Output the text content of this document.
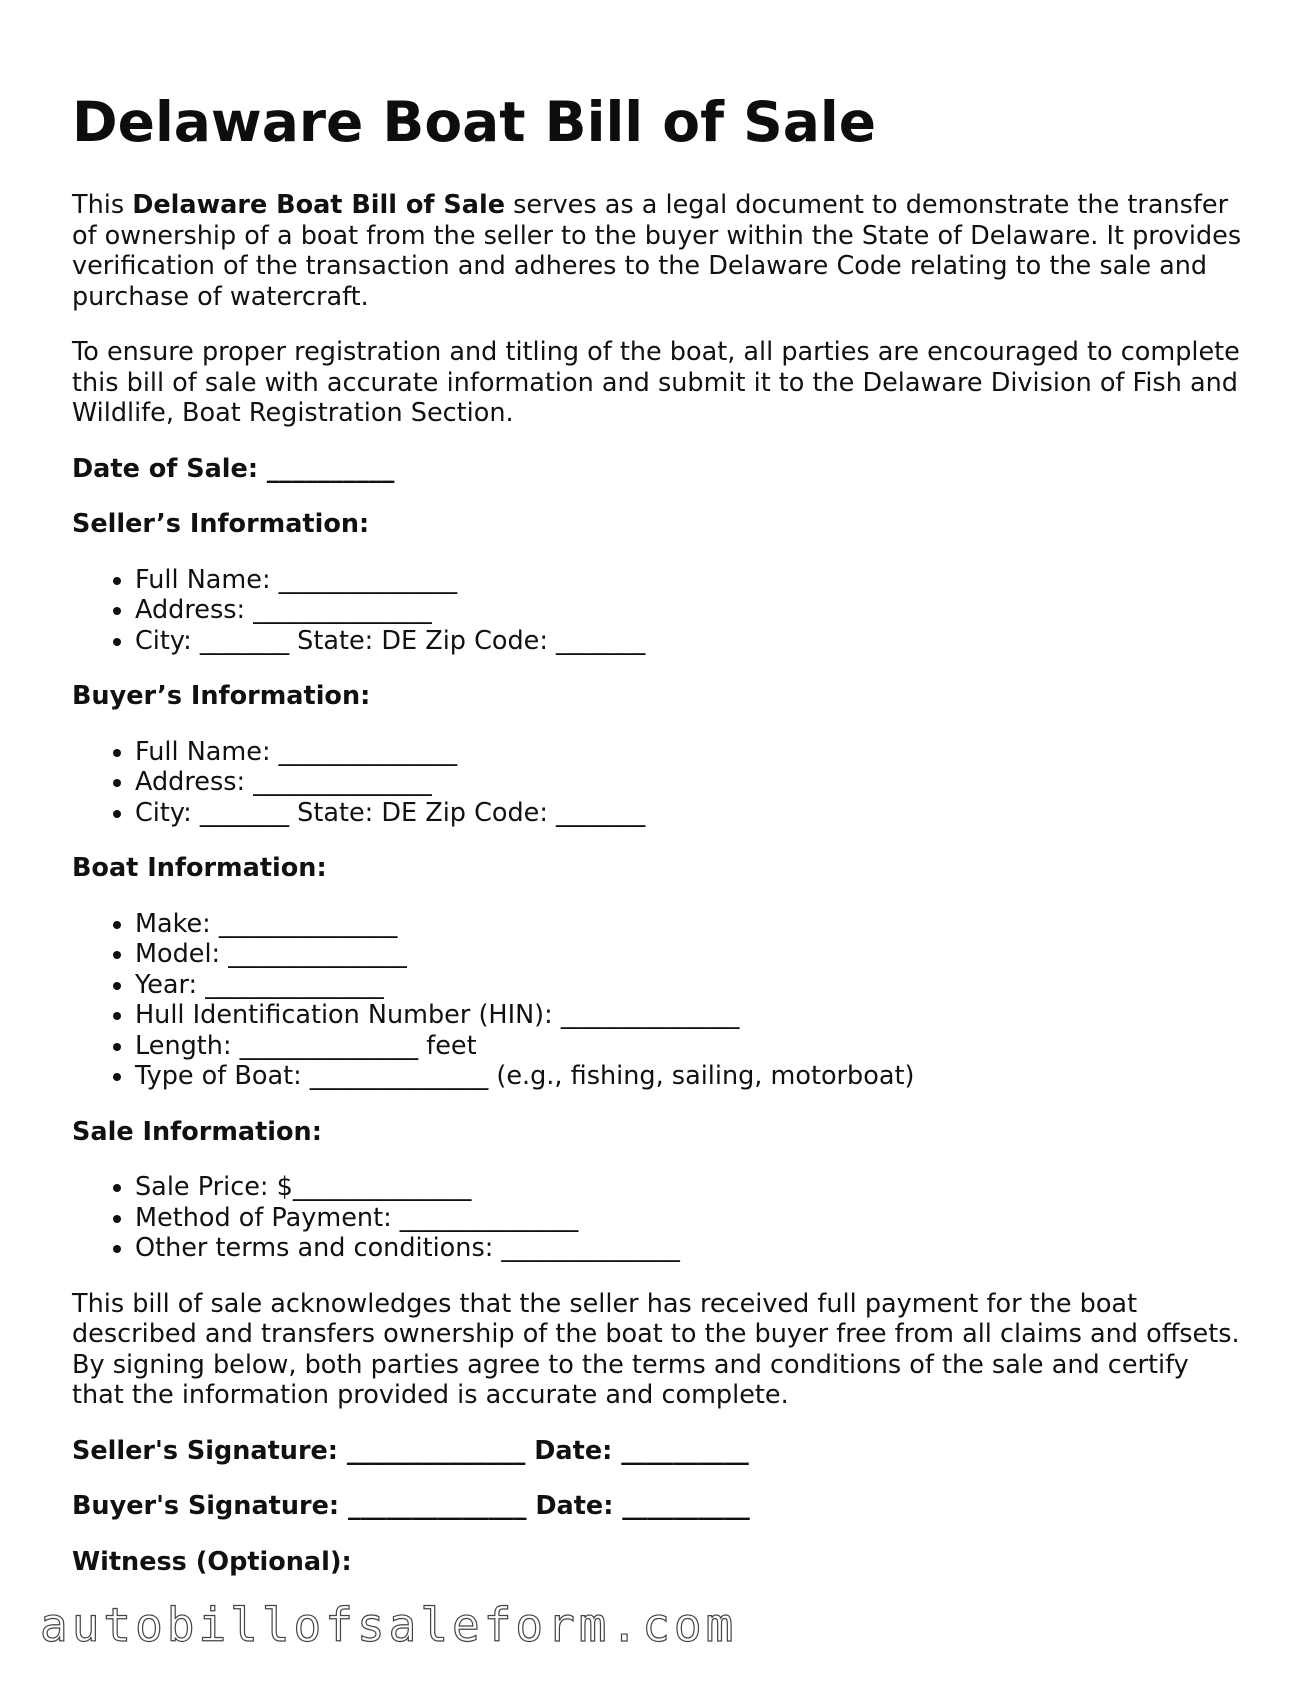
Delaware Boat Bill of Sale

This Delaware Boat Bill of Sale serves as a legal document to demonstrate the transfer of ownership of a boat from the seller to the buyer within the State of Delaware. It provides verification of the transaction and adheres to the Delaware Code relating to the sale and purchase of watercraft.

To ensure proper registration and titling of the boat, all parties are encouraged to complete this bill of sale with accurate information and submit it to the Delaware Division of Fish and Wildlife, Boat Registration Section.

Date of Sale: __________

Seller’s Information:

• Full Name: ______________
• Address: ______________
• City: _______ State: DE Zip Code: _______

Buyer’s Information:

• Full Name: ______________
• Address: ______________
• City: _______ State: DE Zip Code: _______

Boat Information:

• Make: ______________
• Model: ______________
• Year: ______________
• Hull Identification Number (HIN): ______________
• Length: ______________ feet
• Type of Boat: ______________ (e.g., fishing, sailing, motorboat)

Sale Information:

• Sale Price: $______________
• Method of Payment: ______________
• Other terms and conditions: ______________

This bill of sale acknowledges that the seller has received full payment for the boat described and transfers ownership of the boat to the buyer free from all claims and offsets. By signing below, both parties agree to the terms and conditions of the sale and certify that the information provided is accurate and complete.

Seller's Signature: ______________ Date: __________

Buyer's Signature: ______________ Date: __________

Witness (Optional):

autobillofsaleform.com
